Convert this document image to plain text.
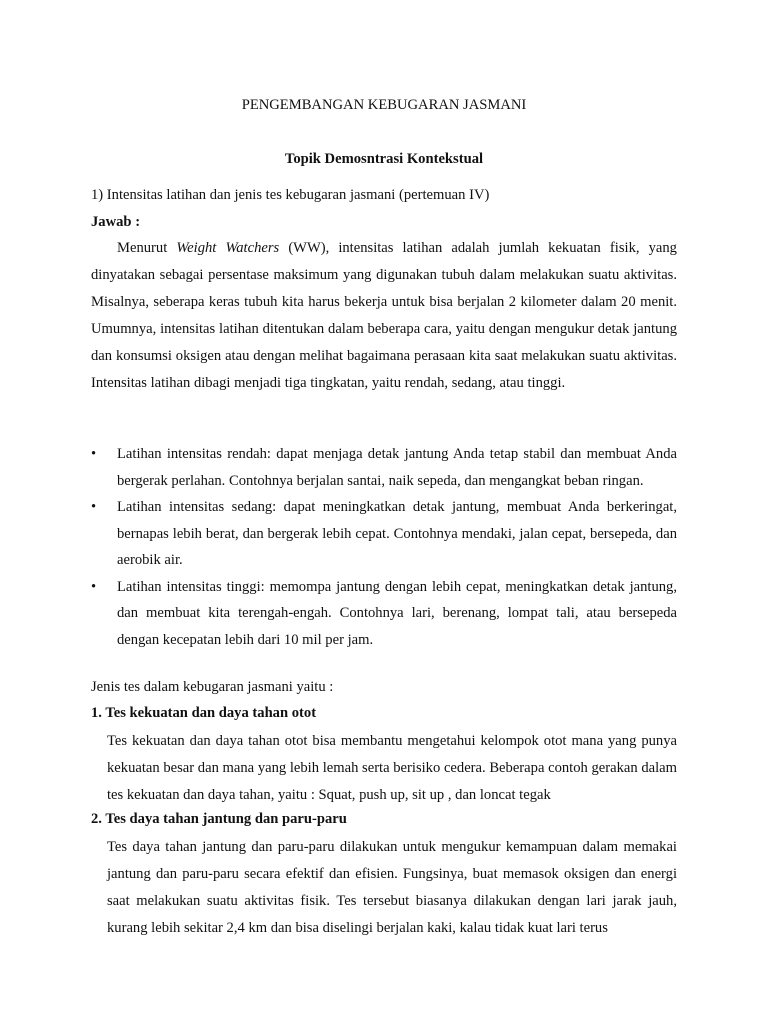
PENGEMBANGAN KEBUGARAN JASMANI
Topik Demosntrasi Kontekstual
1) Intensitas latihan dan jenis tes kebugaran jasmani (pertemuan IV)
Jawab :

Menurut Weight Watchers (WW), intensitas latihan adalah jumlah kekuatan fisik, yang dinyatakan sebagai persentase maksimum yang digunakan tubuh dalam melakukan suatu aktivitas. Misalnya, seberapa keras tubuh kita harus bekerja untuk bisa berjalan 2 kilometer dalam 20 menit. Umumnya, intensitas latihan ditentukan dalam beberapa cara, yaitu dengan mengukur detak jantung dan konsumsi oksigen atau dengan melihat bagaimana perasaan kita saat melakukan suatu aktivitas. Intensitas latihan dibagi menjadi tiga tingkatan, yaitu rendah, sedang, atau tinggi.

•	Latihan intensitas rendah: dapat menjaga detak jantung Anda tetap stabil dan membuat Anda bergerak perlahan. Contohnya berjalan santai, naik sepeda, dan mengangkat beban ringan.
•	Latihan intensitas sedang: dapat meningkatkan detak jantung, membuat Anda berkeringat, bernapas lebih berat, dan bergerak lebih cepat. Contohnya mendaki, jalan cepat, bersepeda, dan aerobik air.
•	Latihan intensitas tinggi: memompa jantung dengan lebih cepat, meningkatkan detak jantung, dan membuat kita terengah-engah. Contohnya lari, berenang, lompat tali, atau bersepeda dengan kecepatan lebih dari 10 mil per jam.
Jenis tes dalam kebugaran jasmani yaitu :
1. Tes kekuatan dan daya tahan otot

Tes kekuatan dan daya tahan otot bisa membantu mengetahui kelompok otot mana yang punya kekuatan besar dan mana yang lebih lemah serta berisiko cedera. Beberapa contoh gerakan dalam tes kekuatan dan daya tahan, yaitu : Squat, push up, sit up , dan loncat tegak

2. Tes daya tahan jantung dan paru-paru

Tes daya tahan jantung dan paru-paru dilakukan untuk mengukur kemampuan dalam memakai jantung dan paru-paru secara efektif dan efisien. Fungsinya, buat memasok oksigen dan energi saat melakukan suatu aktivitas fisik. Tes tersebut biasanya dilakukan dengan lari jarak jauh, kurang lebih sekitar 2,4 km dan bisa diselingi berjalan kaki, kalau tidak kuat lari terus
